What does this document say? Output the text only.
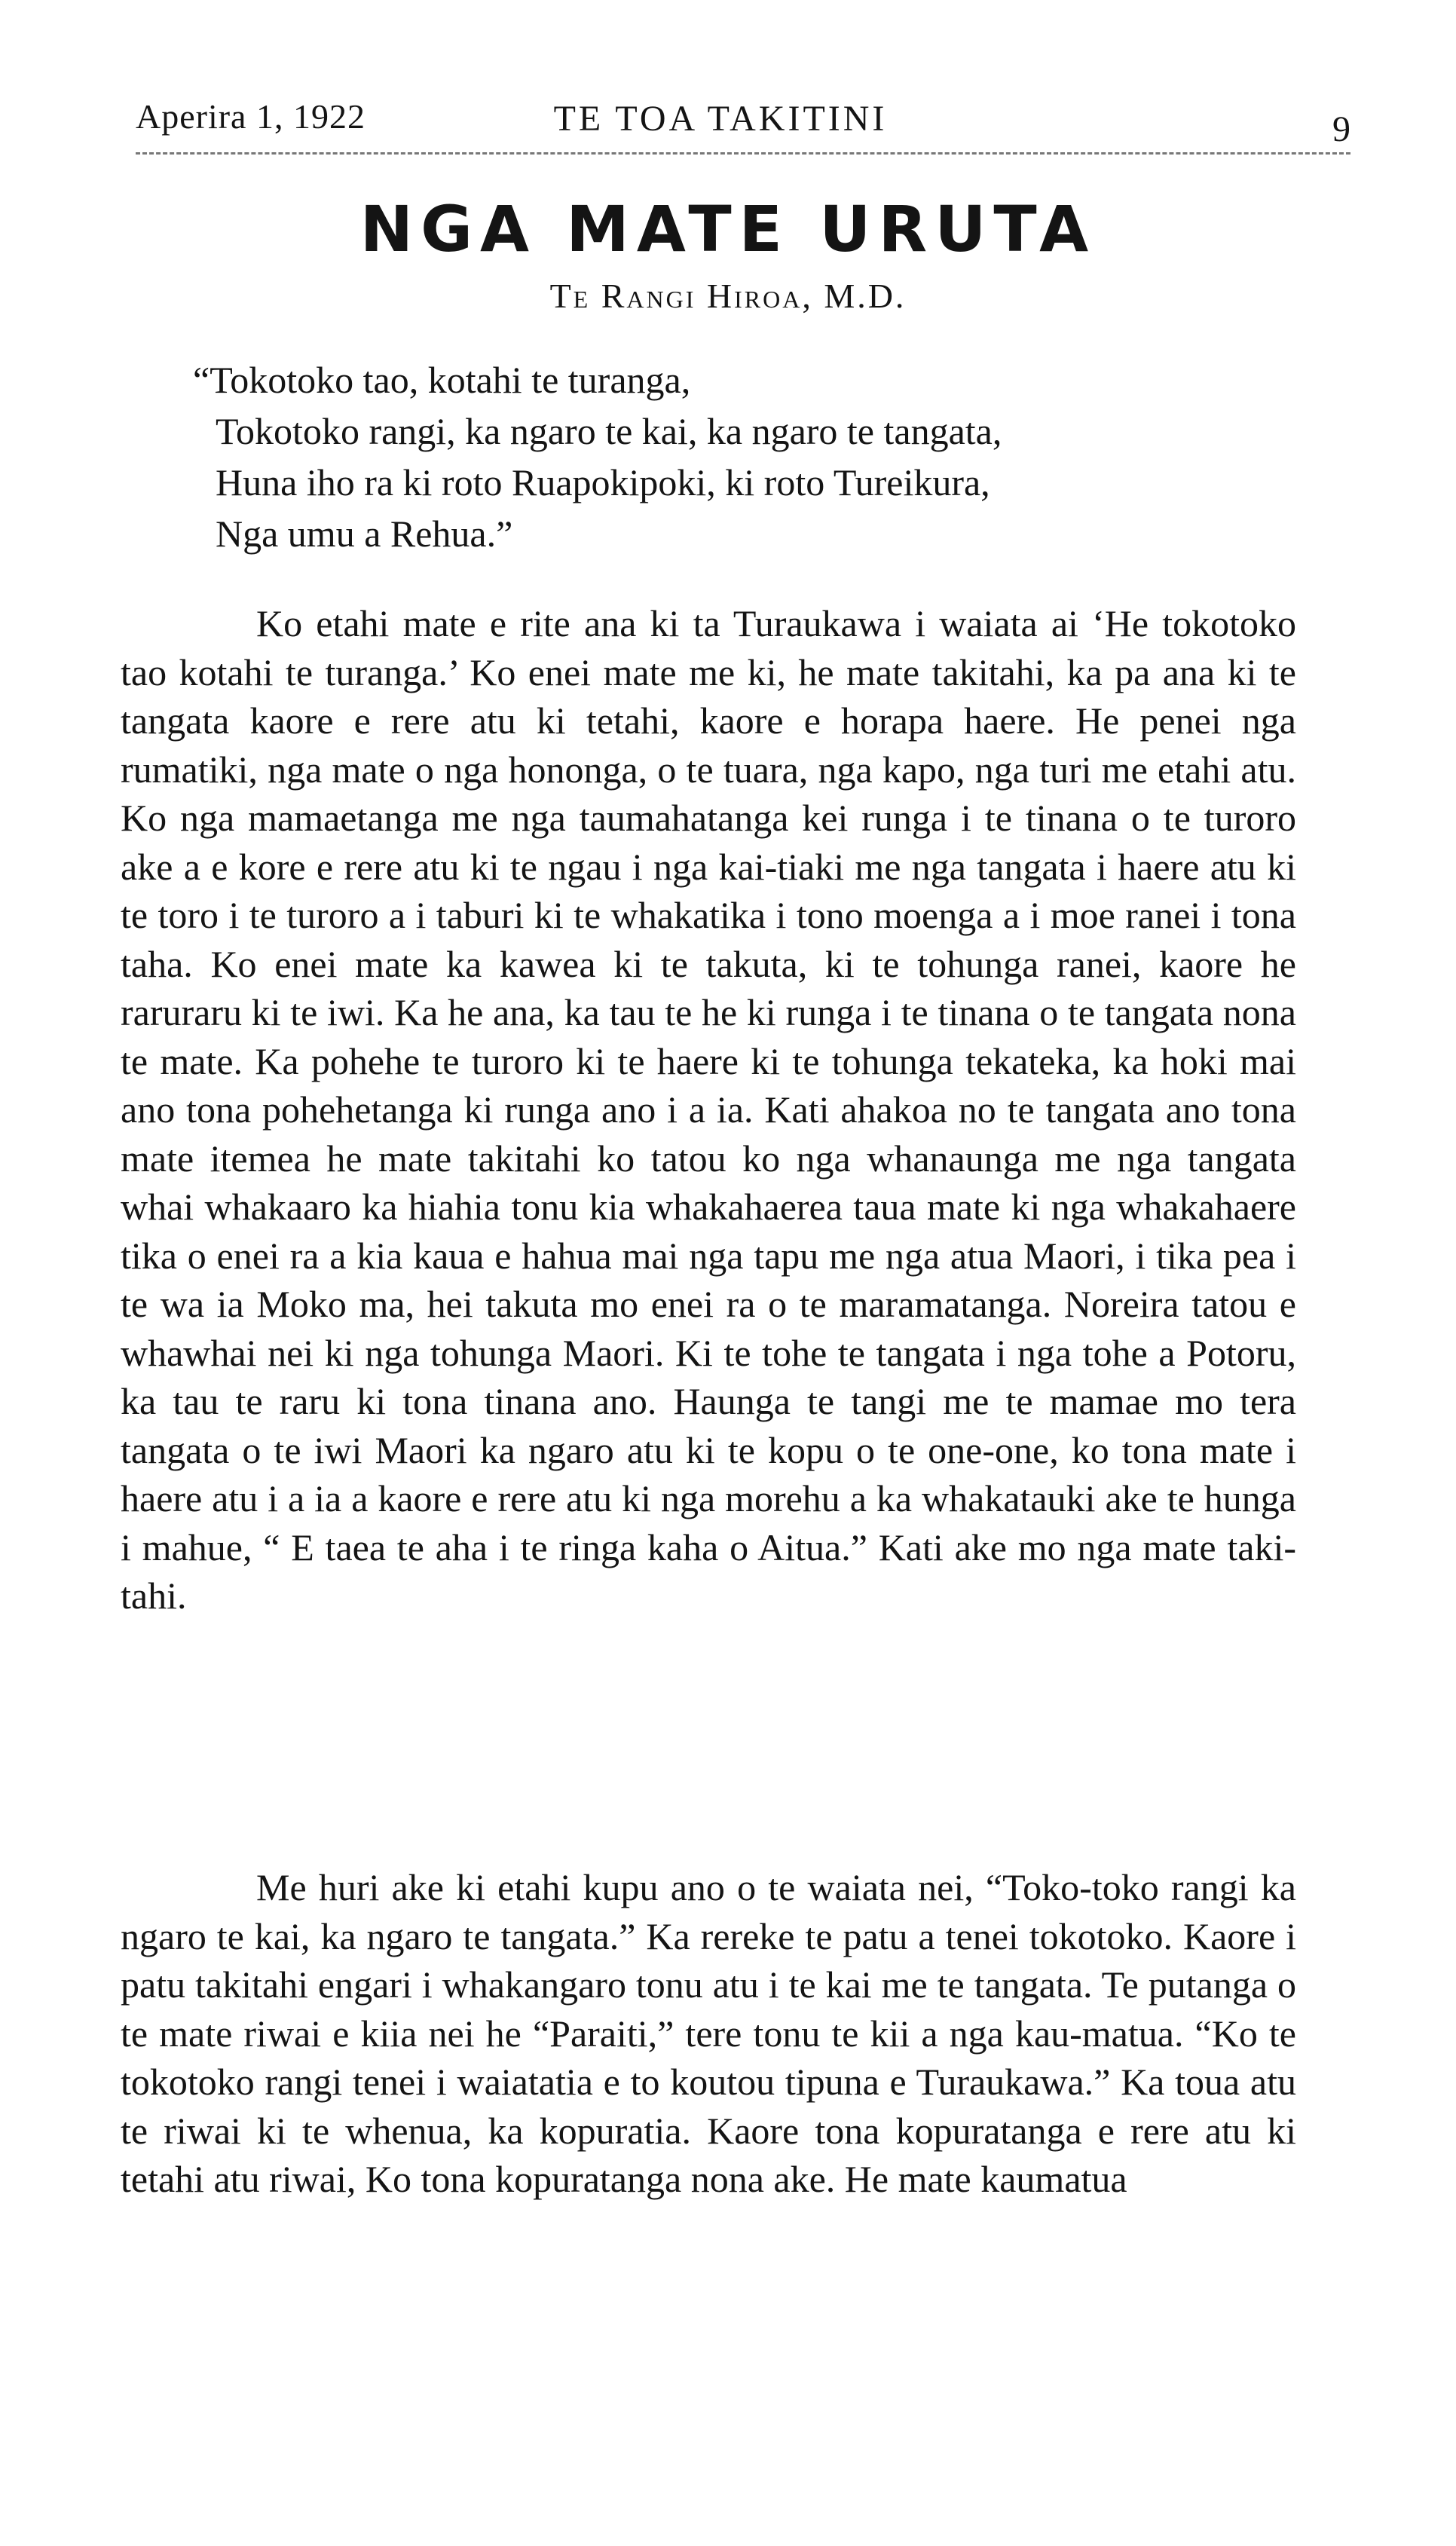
Aperira 1, 1922	TE TOA TAKITINI	9
NGA MATE URUTA
Te Rangi Hiroa, M.D.
“Tokotoko tao, kotahi te turanga,
Tokotoko rangi, ka ngaro te kai, ka ngaro te tangata,
Huna iho ra ki roto Ruapokipoki, ki roto Tureikura,
Nga umu a Rehua.”

Ko etahi mate e rite ana ki ta Turaukawa i waiata ai ‘He tokotoko tao kotahi te turanga.’ Ko enei mate me ki, he mate takitahi, ka pa ana ki te tangata kaore e rere atu ki tetahi, kaore e horapa haere. He penei nga rumatiki, nga mate o nga hononga, o te tuara, nga kapo, nga turi me etahi atu. Ko nga mamaetanga me nga taumahatanga kei runga i te tinana o te turoro ake a e kore e rere atu ki te ngau i nga kai-tiaki me nga tangata i haere atu ki te toro i te turoro a i taburi ki te whakatika i tono moenga a i moe ranei i tona taha. Ko enei mate ka kawea ki te takuta, ki te tohunga ranei, kaore he raruraru ki te iwi. Ka he ana, ka tau te he ki runga i te tinana o te tangata nona te mate. Ka pohehe te turoro ki te haere ki te tohunga tekateka, ka hoki mai ano tona pohehetanga ki runga ano i a ia. Kati ahakoa no te tangata ano tona mate itemea he mate takitahi ko tatou ko nga whanaunga me nga tangata whai whakaaro ka hiahia tonu kia whakahaerea taua mate ki nga whakahaere tika o enei ra a kia kaua e hahua mai nga tapu me nga atua Maori, i tika pea i te wa ia Moko ma, hei takuta mo enei ra o te maramatanga. Noreira tatou e whawhai nei ki nga tohunga Maori. Ki te tohe te tangata i nga tohe a Potoru, ka tau te raru ki tona tinana ano. Haunga te tangi me te mamae mo tera tangata o te iwi Maori ka ngaro atu ki te kopu o te one-one, ko tona mate i haere atu i a ia a kaore e rere atu ki nga morehu a ka whakatauki ake te hunga i mahue, “ E taea te aha i te ringa kaha o Aitua.” Kati ake mo nga mate taki-tahi.

Me huri ake ki etahi kupu ano o te waiata nei, “Toko-toko rangi ka ngaro te kai, ka ngaro te tangata.” Ka rereke te patu a tenei tokotoko. Kaore i patu takitahi engari i whakangaro tonu atu i te kai me te tangata. Te putanga o te mate riwai e kiia nei he “Paraiti,” tere tonu te kii a nga kau-matua. “Ko te tokotoko rangi tenei i waiatatia e to koutou tipuna e Turaukawa.” Ka toua atu te riwai ki te whenua, ka kopuratia. Kaore tona kopuratanga e rere atu ki tetahi atu riwai, Ko tona kopuratanga nona ake. He mate kaumatua
